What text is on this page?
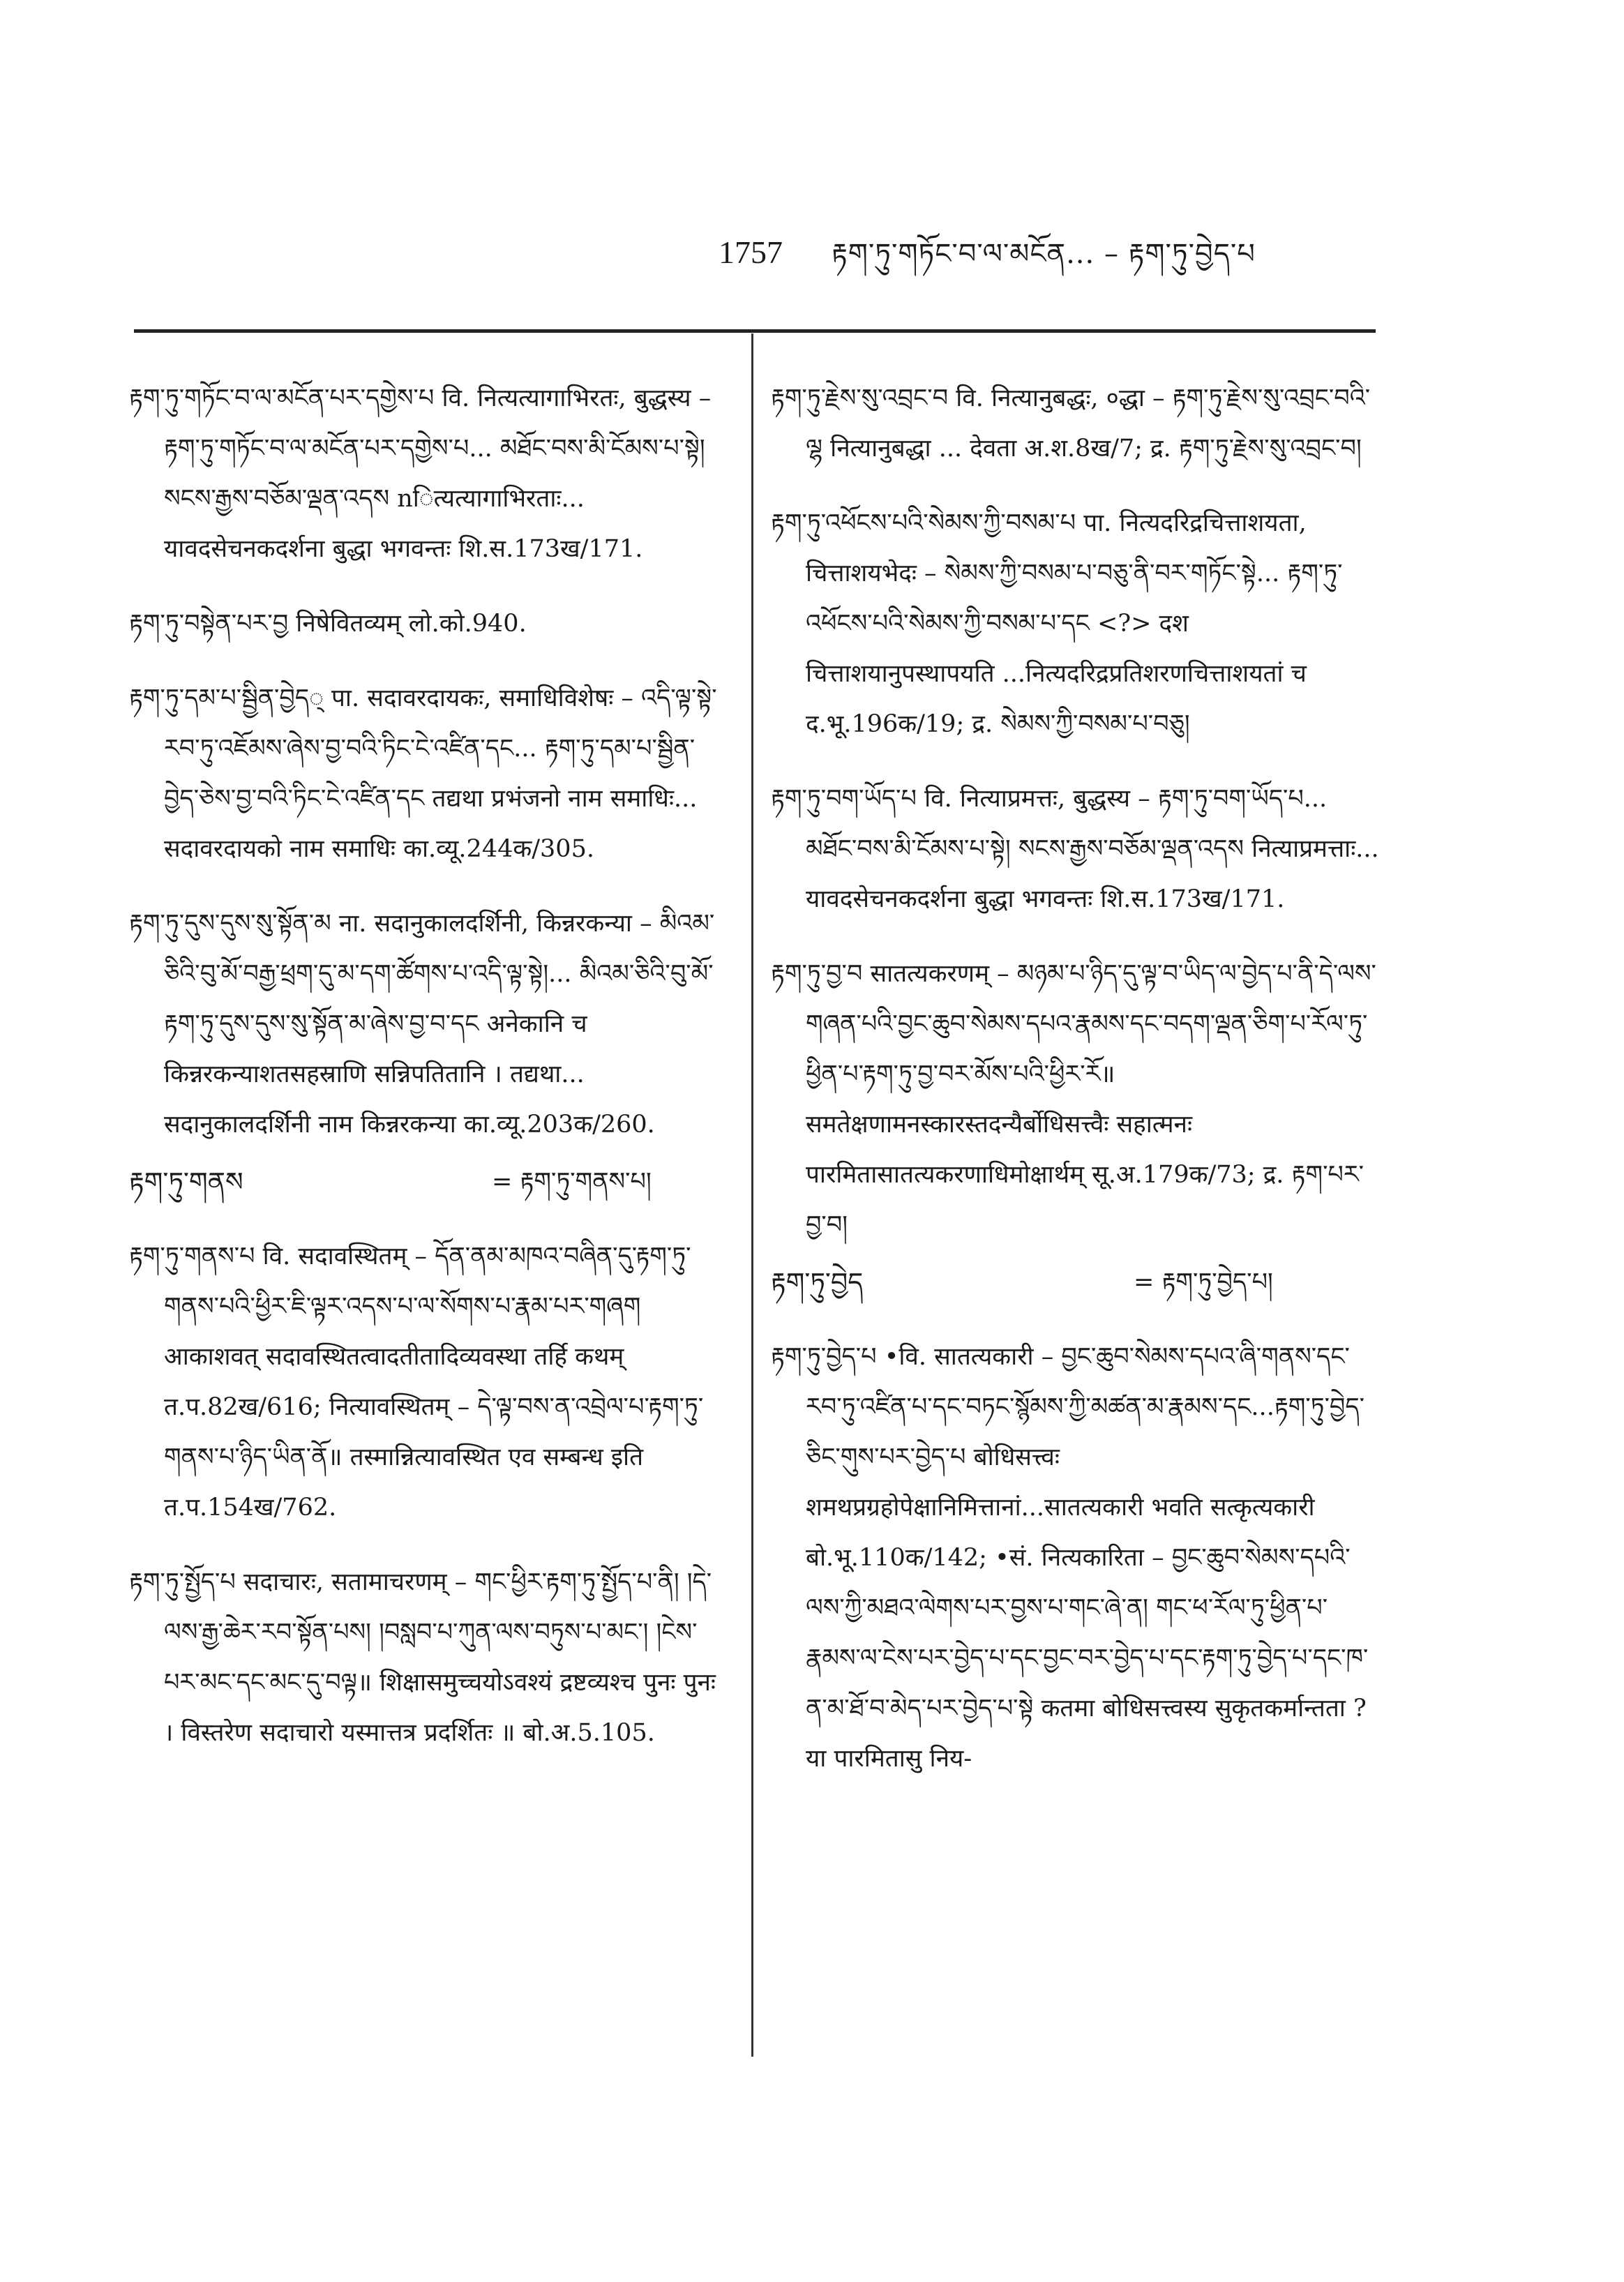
1757 རྟག་ཏུ་གཏོང་བ་ལ་མངོན... – རྟག་ཏུ་བྱེད་པ

རྟག་ཏུ་གཏོང་བ་ལ་མངོན་པར་དགྱེས་པ वि. नित्यत्यागाभिरतः, बुद्धस्य – རྟག་ཏུ་གཏོང་བ་ལ་མངོན་པར་དགྱེས་པ... མཐོང་བས་མི་ངོམས་པ་སྟེ། སངས་རྒྱས་བཅོམ་ལྡན་འདས nित्यत्यागाभिरताः... यावदसेचनकदर्शना बुद्धा भगवन्तः शि.स.173ख/171.

རྟག་ཏུ་བསྟེན་པར་བྱ निषेवितव्यम् लो.को.940.

རྟག་ཏུ་དམ་པ་སྦྱིན་བྱེད् पा. सदावरदायकः, समाधिविशेषः – འདི་ལྟ་སྟེ་རབ་ཏུ་འཇོམས་ཞེས་བྱ་བའི་ཏིང་ངེ་འཛིན་དང... རྟག་ཏུ་དམ་པ་སྦྱིན་བྱེད་ཅེས་བྱ་བའི་ཏིང་ངེ་འཛིན་དང तद्यथा प्रभंजनो नाम समाधिः... सदावरदायको नाम समाधिः का.व्यू.244क/305.

རྟག་ཏུ་དུས་དུས་སུ་སྟོན་མ ना. सदानुकालदर्शिनी, किन्नरकन्या – མིའམ་ཅིའི་བུ་མོ་བརྒྱ་ཕྲག་དུ་མ་དག་ཚོགས་པ་འདི་ལྟ་སྟེ།... མིའམ་ཅིའི་བུ་མོ་རྟག་ཏུ་དུས་དུས་སུ་སྟོན་མ་ཞེས་བྱ་བ་དང अनेकानि च किन्नरकन्याशतसहस्राणि सन्निपतितानि । तद्यथा... सदानुकालदर्शिनी नाम किन्नरकन्या का.व्यू.203क/260.

རྟག་ཏུ་གནས	= རྟག་ཏུ་གནས་པ།

རྟག་ཏུ་གནས་པ वि. सदावस्थितम् – དོན་ནམ་མཁའ་བཞིན་དུ་རྟག་ཏུ་གནས་པའི་ཕྱིར་ཇི་ལྟར་འདས་པ་ལ་སོགས་པ་རྣམ་པར་གཞག आकाशवत् सदावस्थितत्वादतीतादिव्यवस्था तर्हि कथम् त.प.82ख/616; नित्यावस्थितम् – དེ་ལྟ་བས་ན་འབྲེལ་པ་རྟག་ཏུ་གནས་པ་ཉིད་ཡིན་ནོ॥ तस्मान्नित्यावस्थित एव सम्बन्ध इति त.प.154ख/762.

རྟག་ཏུ་སྤྱོད་པ सदाचारः, सतामाचरणम् – གང་ཕྱིར་རྟག་ཏུ་སྤྱོད་པ་ནི། །དེ་ལས་རྒྱ་ཆེར་རབ་སྟོན་པས། །བསླབ་པ་ཀུན་ལས་བཏུས་པ་མང་། །ངེས་པར་མང་དང་མང་དུ་བལྟ॥ शिक्षासमुच्चयोऽवश्यं द्रष्टव्यश्च पुनः पुनः । विस्तरेण सदाचारो यस्मात्तत्र प्रदर्शितः ॥ बो.अ.5.105.

རྟག་ཏུ་རྗེས་སུ་འབྲང་བ वि. नित्यानुबद्धः, ०द्धा – རྟག་ཏུ་རྗེས་སུ་འབྲང་བའི་ལྷ नित्यानुबद्धा ... देवता अ.श.8ख/7; द्र. རྟག་ཏུ་རྗེས་སུ་འབྲང་བ།

རྟག་ཏུ་འཕོངས་པའི་སེམས་ཀྱི་བསམ་པ पा. नित्यदरिद्रचित्ताशयता, चित्ताशयभेदः – སེམས་ཀྱི་བསམ་པ་བཅུ་ནི་བར་གཏོང་སྟེ... རྟག་ཏུ་འཕོངས་པའི་སེམས་ཀྱི་བསམ་པ་དང <?> दश चित्ताशयानुपस्थापयति ...नित्यदरिद्रप्रतिशरणचित्ताशयतां च द.भू.196क/19; द्र. སེམས་ཀྱི་བསམ་པ་བཅུ།

རྟག་ཏུ་བག་ཡོད་པ वि. नित्याप्रमत्तः, बुद्धस्य – རྟག་ཏུ་བག་ཡོད་པ... མཐོང་བས་མི་ངོམས་པ་སྟེ། སངས་རྒྱས་བཅོམ་ལྡན་འདས नित्याप्रमत्ताः... यावदसेचनकदर्शना बुद्धा भगवन्तः शि.स.173ख/171.

རྟག་ཏུ་བྱ་བ सातत्यकरणम् – མཉམ་པ་ཉིད་དུ་ལྟ་བ་ཡིད་ལ་བྱེད་པ་ནི་དེ་ལས་གཞན་པའི་བྱང་ཆུབ་སེམས་དཔའ་རྣམས་དང་བདག་ལྡན་ཅིག་པ་རོལ་ཏུ་ཕྱིན་པ་རྟག་ཏུ་བྱ་བར་མོས་པའི་ཕྱིར་རོ॥ समतेक्षणामनस्कारस्तदन्यैर्बोधिसत्त्वैः सहात्मनः पारमितासातत्यकरणाधिमोक्षार्थम् सू.अ.179क/73; द्र. རྟག་པར་བྱ་བ།

རྟག་ཏུ་བྱེད	= རྟག་ཏུ་བྱེད་པ།

རྟག་ཏུ་བྱེད་པ •वि. सातत्यकारी – བྱང་ཆུབ་སེམས་དཔའ་ཞི་གནས་དང་རབ་ཏུ་འཛིན་པ་དང་བཏང་སྙོམས་ཀྱི་མཚན་མ་རྣམས་དང...རྟག་ཏུ་བྱེད་ཅིང་གུས་པར་བྱེད་པ बोधिसत्त्वः शमथप्रग्रहोपेक्षानिमित्तानां...सातत्यकारी भवति सत्कृत्यकारी बो.भू.110क/142; •सं. नित्यकारिता – བྱང་ཆུབ་སེམས་དཔའི་ལས་ཀྱི་མཐའ་ལེགས་པར་བྱས་པ་གང་ཞེ་ན། གང་ཕ་རོལ་ཏུ་ཕྱིན་པ་རྣམས་ལ་ངེས་པར་བྱེད་པ་དང་བྱང་བར་བྱེད་པ་དང་རྟག་ཏུ་བྱེད་པ་དང་ཁ་ན་མ་ཐོ་བ་མེད་པར་བྱེད་པ་སྟེ कतमा बोधिसत्त्वस्य सुकृतकर्मान्तता ? या पारमितासु निय-
